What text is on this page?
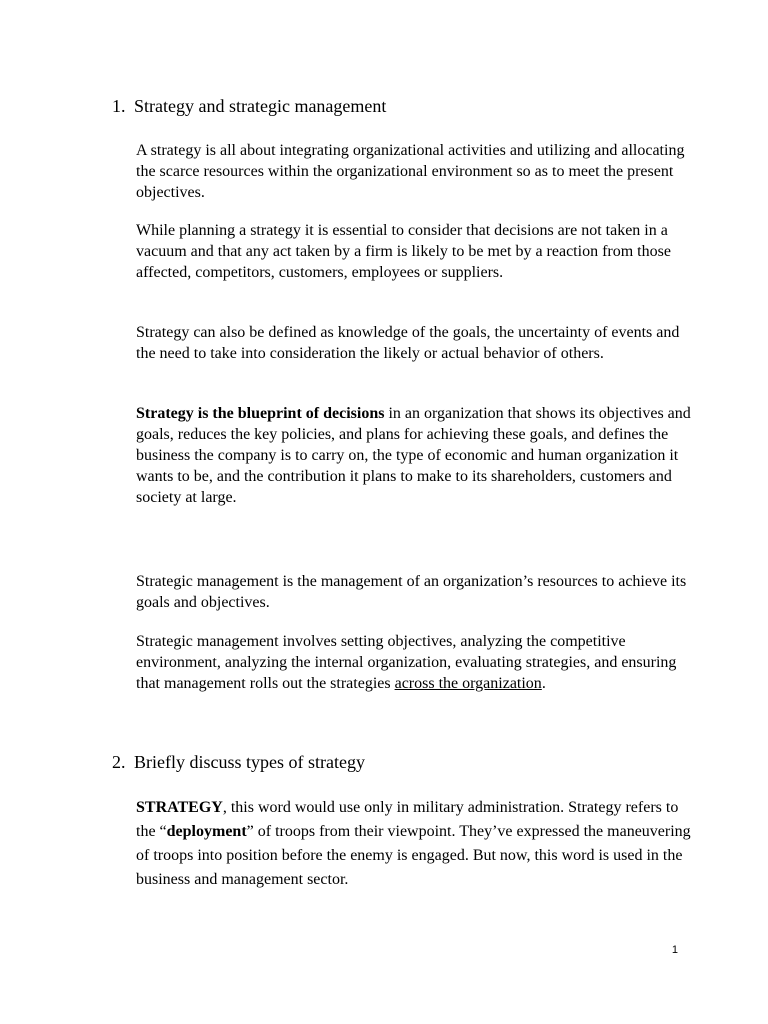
1. Strategy and strategic management
A strategy is all about integrating organizational activities and utilizing and allocating the scarce resources within the organizational environment so as to meet the present objectives.
While planning a strategy it is essential to consider that decisions are not taken in a vacuum and that any act taken by a firm is likely to be met by a reaction from those affected, competitors, customers, employees or suppliers.
Strategy can also be defined as knowledge of the goals, the uncertainty of events and the need to take into consideration the likely or actual behavior of others.
Strategy is the blueprint of decisions in an organization that shows its objectives and goals, reduces the key policies, and plans for achieving these goals, and defines the business the company is to carry on, the type of economic and human organization it wants to be, and the contribution it plans to make to its shareholders, customers and society at large.
Strategic management is the management of an organization’s resources to achieve its goals and objectives.
Strategic management involves setting objectives, analyzing the competitive environment, analyzing the internal organization, evaluating strategies, and ensuring that management rolls out the strategies across the organization.
2. Briefly discuss types of strategy
STRATEGY, this word would use only in military administration. Strategy refers to the “deployment” of troops from their viewpoint. They’ve expressed the maneuvering of troops into position before the enemy is engaged. But now, this word is used in the business and management sector.
1
